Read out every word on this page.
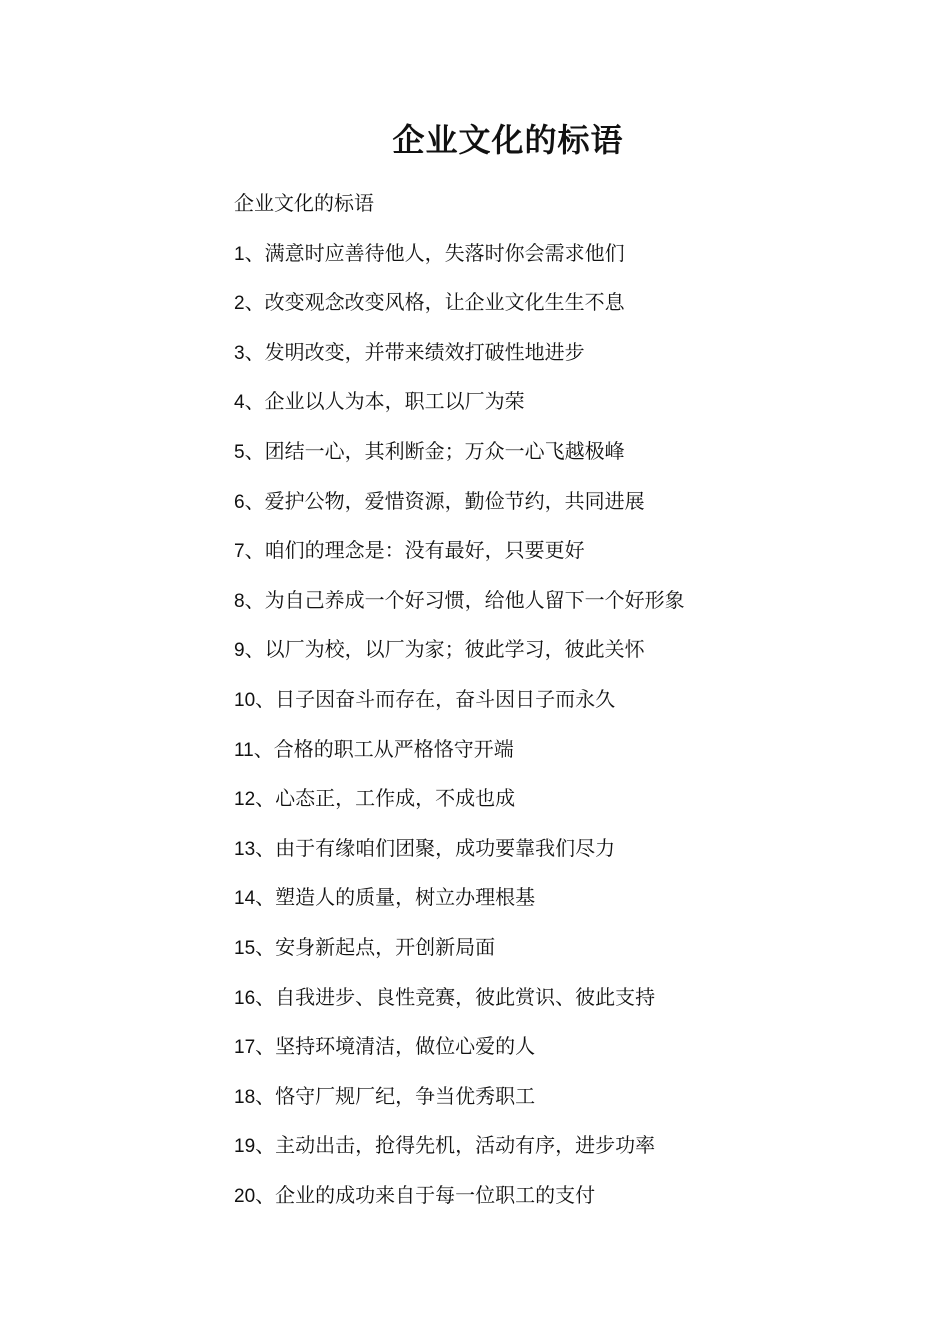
企业文化的标语
企业文化的标语
1、满意时应善待他人，失落时你会需求他们
2、改变观念改变风格，让企业文化生生不息
3、发明改变，并带来绩效打破性地进步
4、企业以人为本，职工以厂为荣
5、团结一心，其利断金；万众一心飞越极峰
6、爱护公物，爱惜资源，勤俭节约，共同进展
7、咱们的理念是：没有最好，只要更好
8、为自己养成一个好习惯，给他人留下一个好形象
9、以厂为校，以厂为家；彼此学习，彼此关怀
10、日子因奋斗而存在，奋斗因日子而永久
11、合格的职工从严格恪守开端
12、心态正，工作成，不成也成
13、由于有缘咱们团聚，成功要靠我们尽力
14、塑造人的质量，树立办理根基
15、安身新起点，开创新局面
16、自我进步、良性竞赛，彼此赏识、彼此支持
17、坚持环境清洁，做位心爱的人
18、恪守厂规厂纪，争当优秀职工
19、主动出击，抢得先机，活动有序，进步功率
20、企业的成功来自于每一位职工的支付
